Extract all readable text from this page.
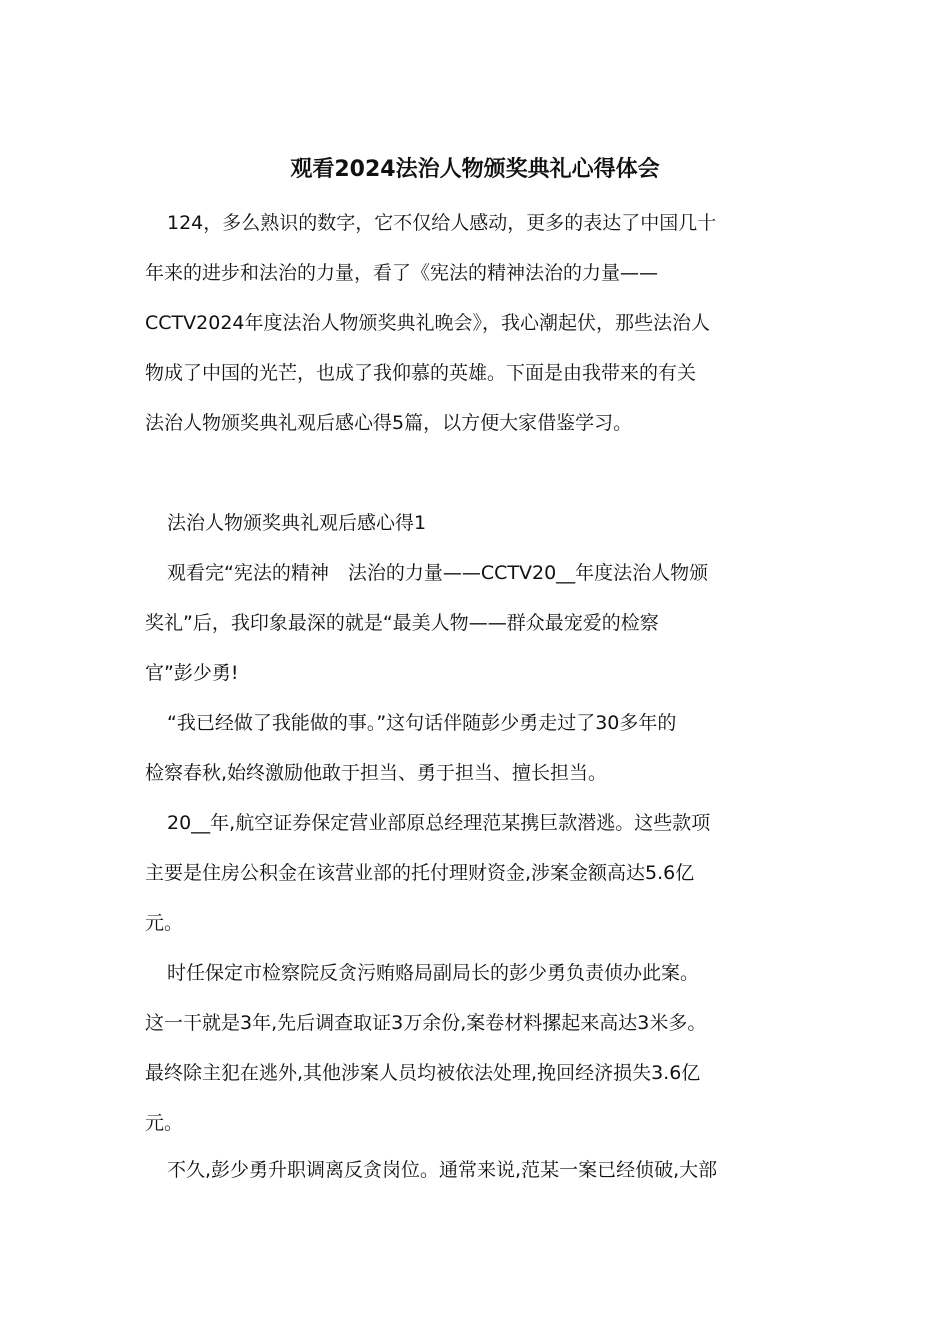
观看2024法治人物颁奖典礼心得体会
124，多么熟识的数字，它不仅给人感动，更多的表达了中国几十
年来的进步和法治的力量，看了《宪法的精神法治的力量——
CCTV2024年度法治人物颁奖典礼晚会》，我心潮起伏，那些法治人
物成了中国的光芒，也成了我仰慕的英雄。下面是由我带来的有关
法治人物颁奖典礼观后感心得5篇，以方便大家借鉴学习。
法治人物颁奖典礼观后感心得1
观看完“宪法的精神　法治的力量——CCTV20__年度法治人物颁
奖礼”后，我印象最深的就是“最美人物——群众最宠爱的检察
官”彭少勇!
“我已经做了我能做的事。”这句话伴随彭少勇走过了30多年的
检察春秋,始终激励他敢于担当、勇于担当、擅长担当。
20__年,航空证券保定营业部原总经理范某携巨款潜逃。这些款项
主要是住房公积金在该营业部的托付理财资金,涉案金额高达5.6亿
元。
时任保定市检察院反贪污贿赂局副局长的彭少勇负责侦办此案。
这一干就是3年,先后调查取证3万余份,案卷材料摞起来高达3米多。
最终除主犯在逃外,其他涉案人员均被依法处理,挽回经济损失3.6亿
元。
不久,彭少勇升职调离反贪岗位。通常来说,范某一案已经侦破,大部
